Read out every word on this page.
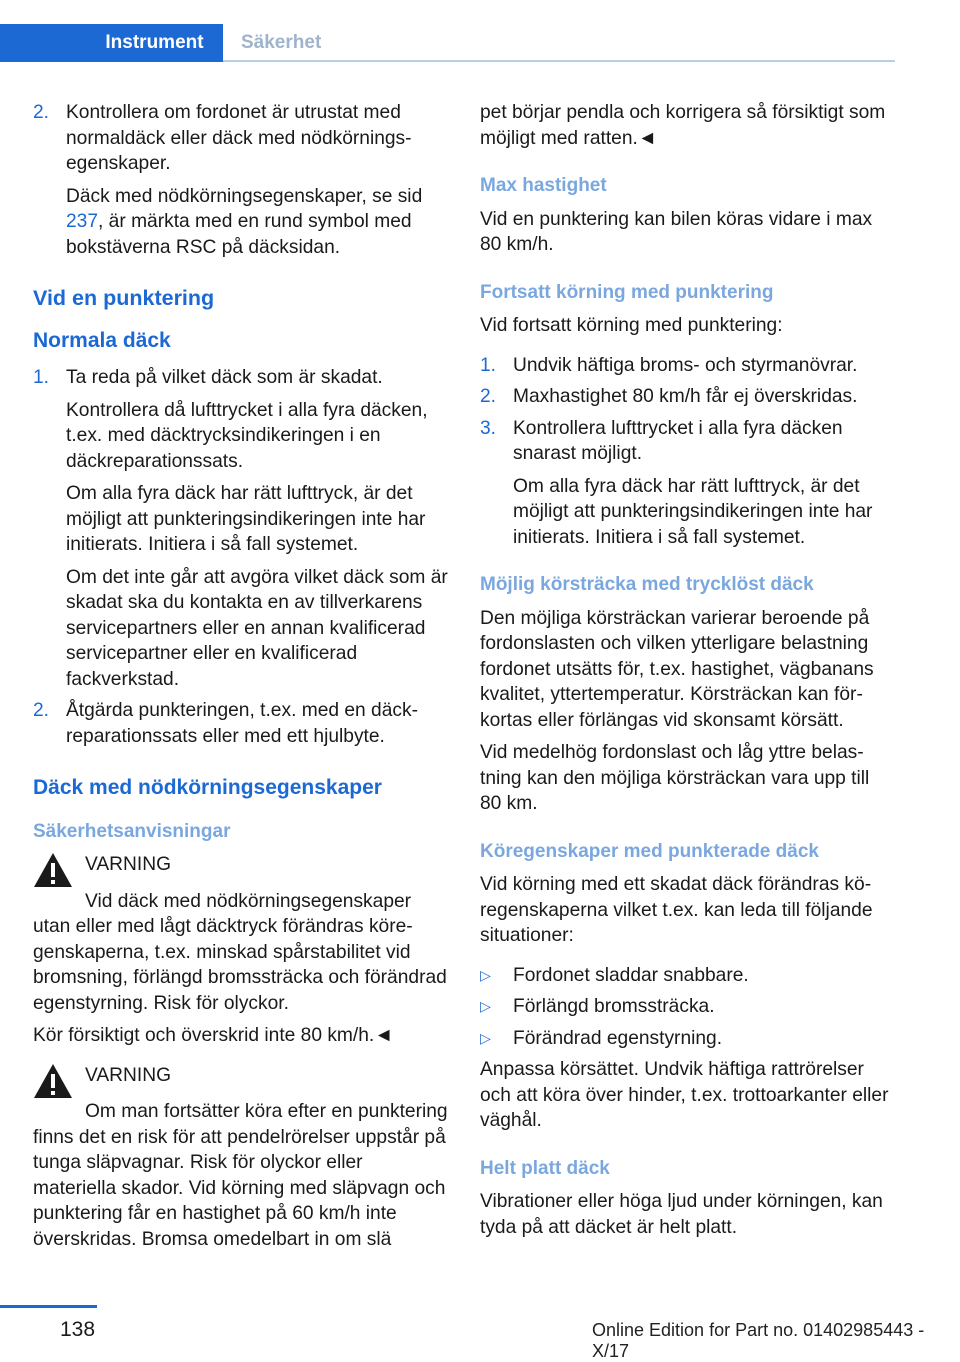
Instrument	Säkerhet
2. Kontrollera om fordonet är utrustat med normaldäck eller däck med nödkörningsegenskaper.

Däck med nödkörningsegenskaper, se sid 237, är märkta med en rund symbol med bokstäverna RSC på däcksidan.

Vid en punktering
Normala däck
1. Ta reda på vilket däck som är skadat.

Kontrollera då lufttrycket i alla fyra däcken, t.ex. med däcktrycksindikeringen i en däckreparationssats.

Om alla fyra däck har rätt lufttryck, är det möjligt att punkteringsindikeringen inte har initierats. Initiera i så fall systemet.

Om det inte går att avgöra vilket däck som är skadat ska du kontakta en av tillverkarens servicepartners eller en annan kvalificerad servicepartner eller en kvalificerad fackverkstad.

2. Åtgärda punkteringen, t.ex. med en däckreparationssats eller med ett hjulbyte.

Däck med nödkörningsegenskaper
Säkerhetsanvisningar

VARNING

Vid däck med nödkörningsegenskaper utan eller med lågt däcktryck förändras köregenskaperna, t.ex. minskad spårstabilitet vid bromsning, förlängd bromssträcka och förändrad egenstyrning. Risk för olyckor.

Kör försiktigt och överskrid inte 80 km/h.◄

VARNING

Om man fortsätter köra efter en punktering finns det en risk för att pendelrörelser uppstår på tunga släpvagnar. Risk för olyckor eller materiella skador. Vid körning med släpvagn och punktering får en hastighet på 60 km/h inte överskridas. Bromsa omedelbart in om slä

pet börjar pendla och korrigera så försiktigt som möjligt med ratten.◄

Max hastighet

Vid en punktering kan bilen köras vidare i max 80 km/h.

Fortsatt körning med punktering

Vid fortsatt körning med punktering:

1. Undvik häftiga broms- och styrmanövrar.

2. Maxhastighet 80 km/h får ej överskridas.

3. Kontrollera lufttrycket i alla fyra däcken snarast möjligt.

Om alla fyra däck har rätt lufttryck, är det möjligt att punkteringsindikeringen inte har initierats. Initiera i så fall systemet.

Möjlig körsträcka med trycklöst däck

Den möjliga körsträckan varierar beroende på fordonslasten och vilken ytterligare belastning fordonet utsätts för, t.ex. hastighet, vägbanans kvalitet, yttertemperatur. Körsträckan kan förkortas eller förlängas vid skonsamt körsätt.

Vid medelhög fordonslast och låg yttre belastning kan den möjliga körsträckan vara upp till 80 km.

Köregenskaper med punkterade däck

Vid körning med ett skadat däck förändras köregenskaperna vilket t.ex. kan leda till följande situationer:

▷	Fordonet sladdar snabbare.
▷	Förlängd bromssträcka.
▷	Förändrad egenstyrning.

Anpassa körsättet. Undvik häftiga rattrörelser och att köra över hinder, t.ex. trottoarkanter eller väghål.

Helt platt däck

Vibrationer eller höga ljud under körningen, kan tyda på att däcket är helt platt.

138	Online Edition for Part no. 01402985443 - X/17
